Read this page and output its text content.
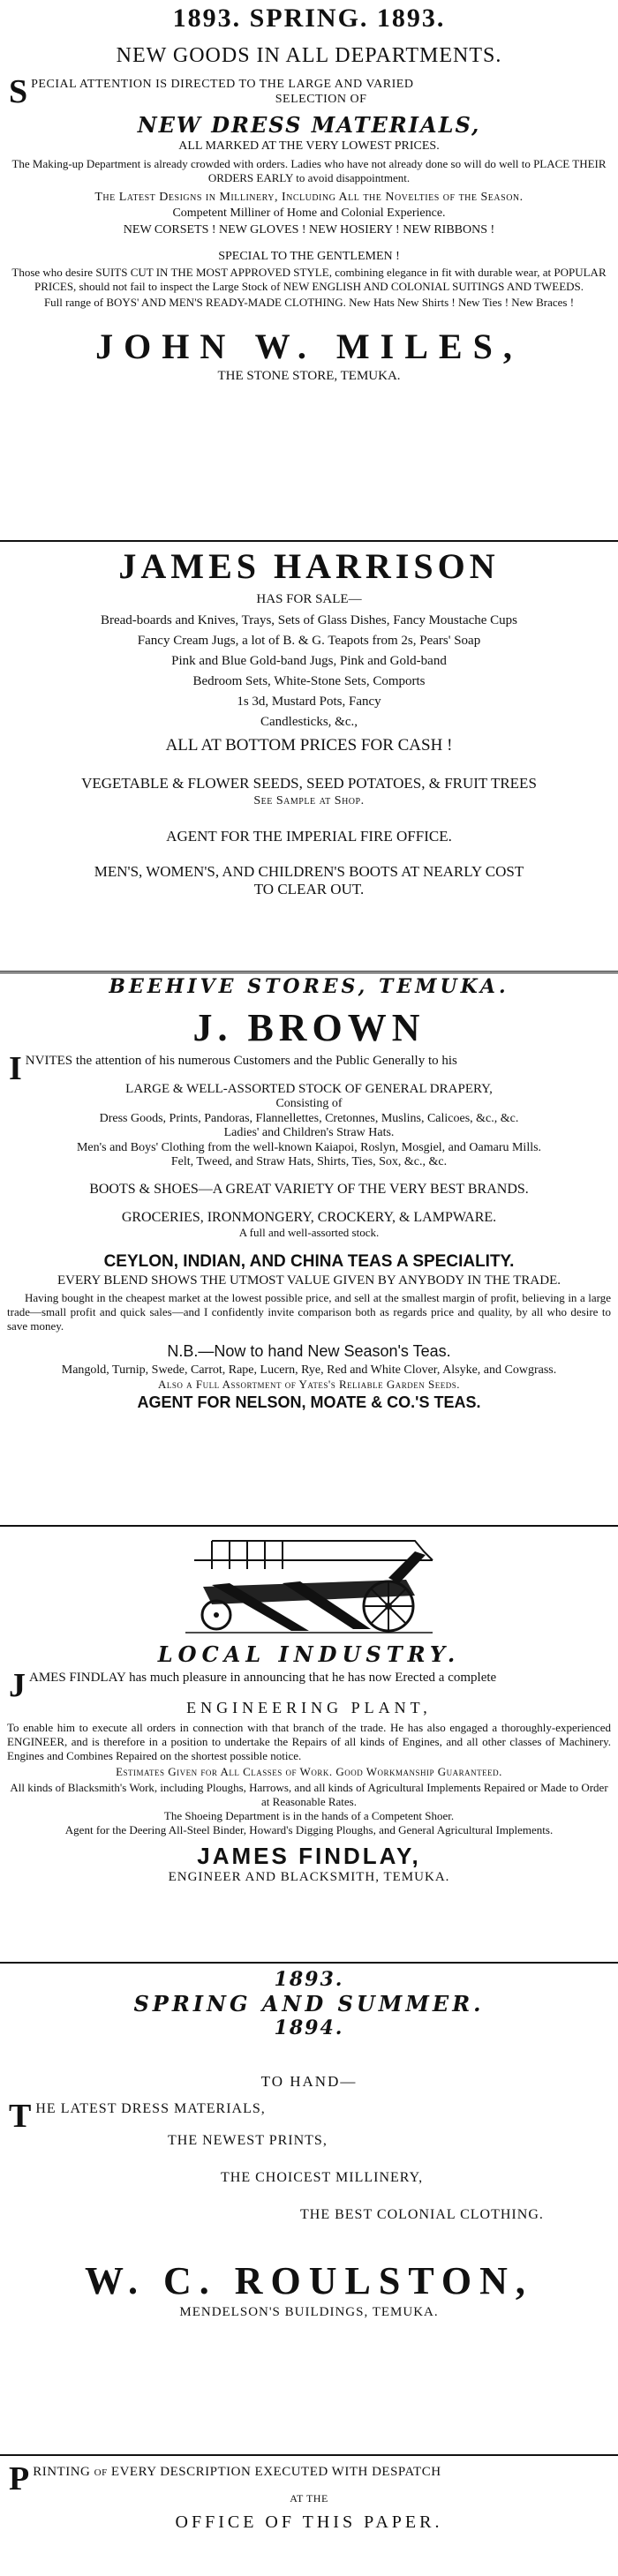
1893. SPRING. 1893.
NEW GOODS IN ALL DEPARTMENTS.
S PECIAL ATTENTION IS DIRECTED TO THE LARGE AND VARIED
SELECTION OF
NEW DRESS MATERIALS,
ALL MARKED AT THE VERY LOWEST PRICES.
The Making-up Department is already crowded with orders. Ladies who have not already done so will do well to PLACE THEIR ORDERS EARLY to avoid disappointment.
The Latest Designs in Millinery, Including All the Novelties of the Season.
Competent Milliner of Home and Colonial Experience.
NEW CORSETS ! NEW GLOVES ! NEW HOSIERY ! NEW RIBBONS !
SPECIAL TO THE GENTLEMEN !
Those who desire SUITS CUT IN THE MOST APPROVED STYLE, combining elegance in fit with durable wear, at POPULAR PRICES, should not fail to inspect the Large Stock of NEW ENGLISH AND COLONIAL SUITINGS AND TWEEDS.
Full range of BOYS' AND MEN'S READY-MADE CLOTHING. New Hats New Shirts ! New Ties ! New Braces !
JOHN W. MILES,
THE STONE STORE, TEMUKA.
JAMES HARRISON
HAS FOR SALE—
Bread-boards and Knives, Trays, Sets of Glass Dishes, Fancy Moustache Cups
Fancy Cream Jugs, a lot of B. & G. Teapots from 2s, Pears' Soap
Pink and Blue Gold-band Jugs, Pink and Gold-band
Bedroom Sets, White-Stone Sets, Comports
1s 3d, Mustard Pots, Fancy
Candlesticks, &c.,
ALL AT BOTTOM PRICES FOR CASH !
VEGETABLE & FLOWER SEEDS, SEED POTATOES, & FRUIT TREES
See Sample at Shop.
AGENT FOR THE IMPERIAL FIRE OFFICE.
MEN'S, WOMEN'S, AND CHILDREN'S BOOTS AT NEARLY COST
TO CLEAR OUT.
BEEHIVE STORES, TEMUKA.
J. BROWN
I NVITES the attention of his numerous Customers and the Public Generally to his
LARGE & WELL-ASSORTED STOCK OF GENERAL DRAPERY,
Consisting of
Dress Goods, Prints, Pandoras, Flannellettes, Cretonnes, Muslins, Calicoes, &c., &c.
Ladies' and Children's Straw Hats.
Men's and Boys' Clothing from the well-known Kaiapoi, Roslyn, Mosgiel, and Oamaru Mills.
Felt, Tweed, and Straw Hats, Shirts, Ties, Sox, &c., &c.
BOOTS & SHOES—A GREAT VARIETY OF THE VERY BEST BRANDS.
GROCERIES, IRONMONGERY, CROCKERY, & LAMPWARE.
A full and well-assorted stock.
CEYLON, INDIAN, AND CHINA TEAS A SPECIALITY.
EVERY BLEND SHOWS THE UTMOST VALUE GIVEN BY ANYBODY IN THE TRADE.
Having bought in the cheapest market at the lowest possible price, and sell at the smallest margin of profit, believing in a large trade—small profit and quick sales—and I confidently invite comparison both as regards price and quality, by all who desire to save money.
N.B.—Now to hand New Season's Teas.
Mangold, Turnip, Swede, Carrot, Rape, Lucern, Rye, Red and White Clover, Alsyke, and Cowgrass.
Also a Full Assortment of Yates's Reliable Garden Seeds.
AGENT FOR NELSON, MOATE & CO.'S TEAS.
LOCAL INDUSTRY.
J AMES FINDLAY has much pleasure in announcing that he has now Erected a complete
ENGINEERING PLANT,
To enable him to execute all orders in connection with that branch of the trade. He has also engaged a thoroughly-experienced ENGINEER, and is therefore in a position to undertake the Repairs of all kinds of Engines, and all other classes of Machinery. Engines and Combines Repaired on the shortest possible notice.
Estimates Given for All Classes of Work. Good Workmanship Guaranteed.
All kinds of Blacksmith's Work, including Ploughs, Harrows, and all kinds of Agricultural Implements Repaired or Made to Order at Reasonable Rates.
The Shoeing Department is in the hands of a Competent Shoer.
Agent for the Deering All-Steel Binder, Howard's Digging Ploughs, and General Agricultural Implements.
JAMES FINDLAY,
ENGINEER AND BLACKSMITH, TEMUKA.
1893.
SPRING AND SUMMER.
1894.
TO HAND—
T HE LATEST DRESS MATERIALS,
THE NEWEST PRINTS,
THE CHOICEST MILLINERY,
THE BEST COLONIAL CLOTHING.
W. C. ROULSTON,
MENDELSON'S BUILDINGS, TEMUKA.
P RINTING of EVERY DESCRIPTION EXECUTED WITH DESPATCH
AT THE
OFFICE OF THIS PAPER.
